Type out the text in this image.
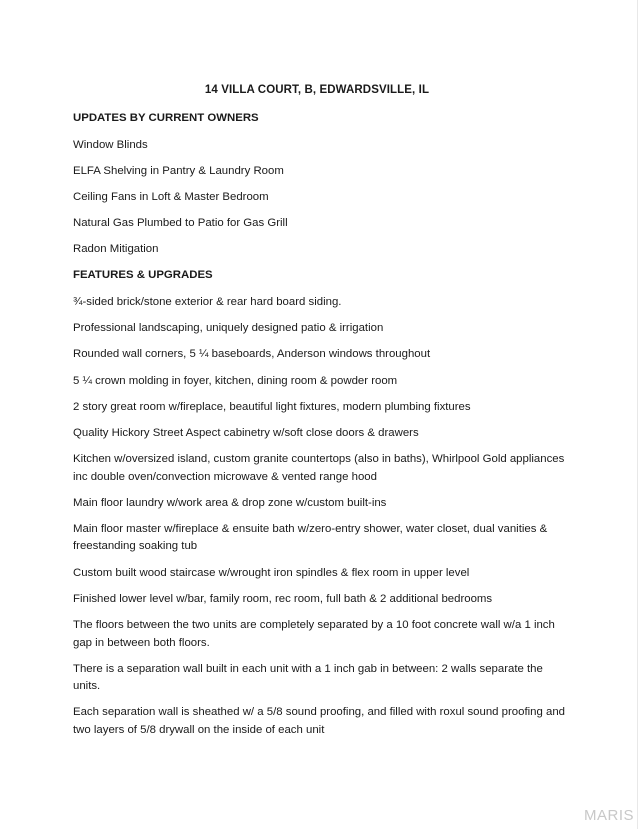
14 VILLA COURT, B, EDWARDSVILLE, IL
UPDATES BY CURRENT OWNERS
Window Blinds
ELFA Shelving in Pantry & Laundry Room
Ceiling Fans in Loft & Master Bedroom
Natural Gas Plumbed to Patio for Gas Grill
Radon Mitigation
FEATURES & UPGRADES
¾-sided brick/stone exterior & rear hard board siding.
Professional landscaping, uniquely designed patio & irrigation
Rounded wall corners, 5 ¼ baseboards, Anderson windows throughout
5 ¼ crown molding in foyer, kitchen, dining room & powder room
2 story great room w/fireplace, beautiful light fixtures, modern plumbing fixtures
Quality Hickory Street Aspect cabinetry w/soft close doors & drawers
Kitchen w/oversized island, custom granite countertops (also in baths), Whirlpool Gold appliances inc double oven/convection microwave & vented range hood
Main floor laundry w/work area & drop zone w/custom built-ins
Main floor master w/fireplace & ensuite bath w/zero-entry shower, water closet, dual vanities & freestanding soaking tub
Custom built wood staircase w/wrought iron spindles & flex room in upper level
Finished lower level w/bar, family room, rec room, full bath & 2 additional bedrooms
The floors between the two units are completely separated by a 10 foot concrete wall w/a 1 inch gap in between both floors.
There is a separation wall built in each unit with a 1 inch gab in between: 2 walls separate the units.
Each separation wall is sheathed w/ a 5/8 sound proofing, and filled with roxul sound proofing and two layers of 5/8 drywall on the inside of each unit
MARIS
